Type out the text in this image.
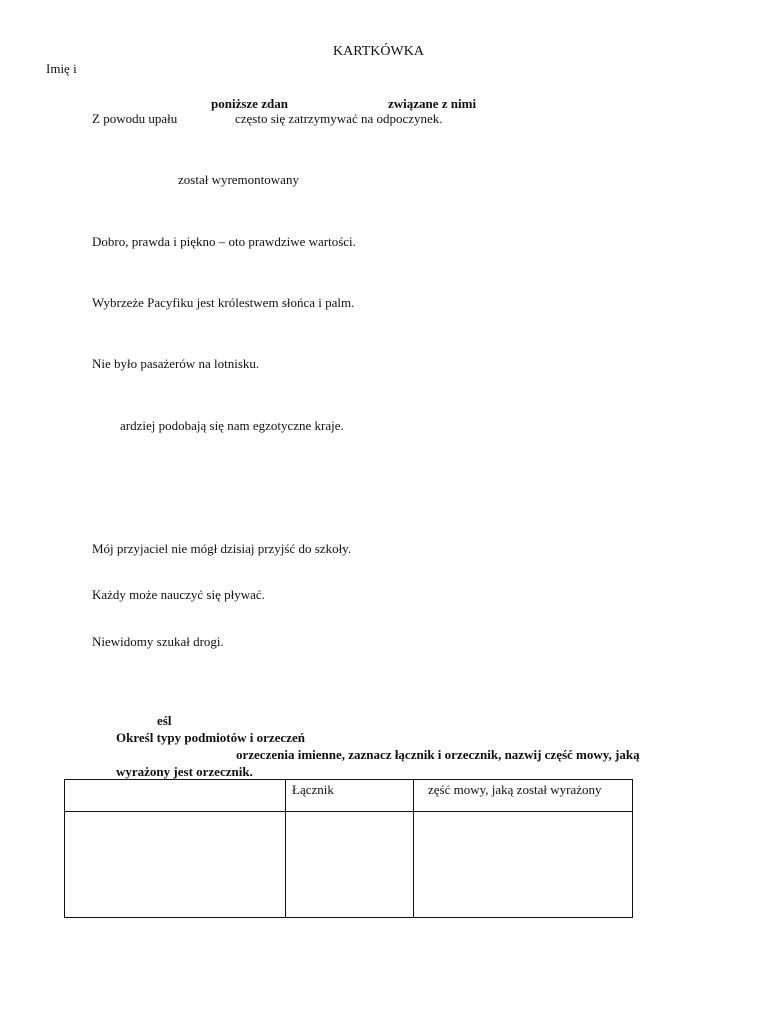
KARTKÓWKA
Imię i
poniższe zdan	związane z nimi
Z powodu upału	często się zatrzymywać na odpoczynek.
został wyremontowany
Dobro, prawda i piękno – oto prawdziwe wartości.
Wybrzeże Pacyfiku jest królestwem słońca i palm.
Nie było pasażerów na lotnisku.
ardziej podobają się nam egzotyczne kraje.
Mój przyjaciel nie mógł dzisiaj przyjść do szkoły.
Każdy może nauczyć się pływać.
Niewidomy szukał drogi.
eśl
Określ typy podmiotów i orzeczeń
orzeczenia imienne, zaznacz łącznik i orzecznik, nazwij część mowy, jaką
wyrażony jest orzecznik.
	Łącznik	zęść mowy, jaką został wyrażony
